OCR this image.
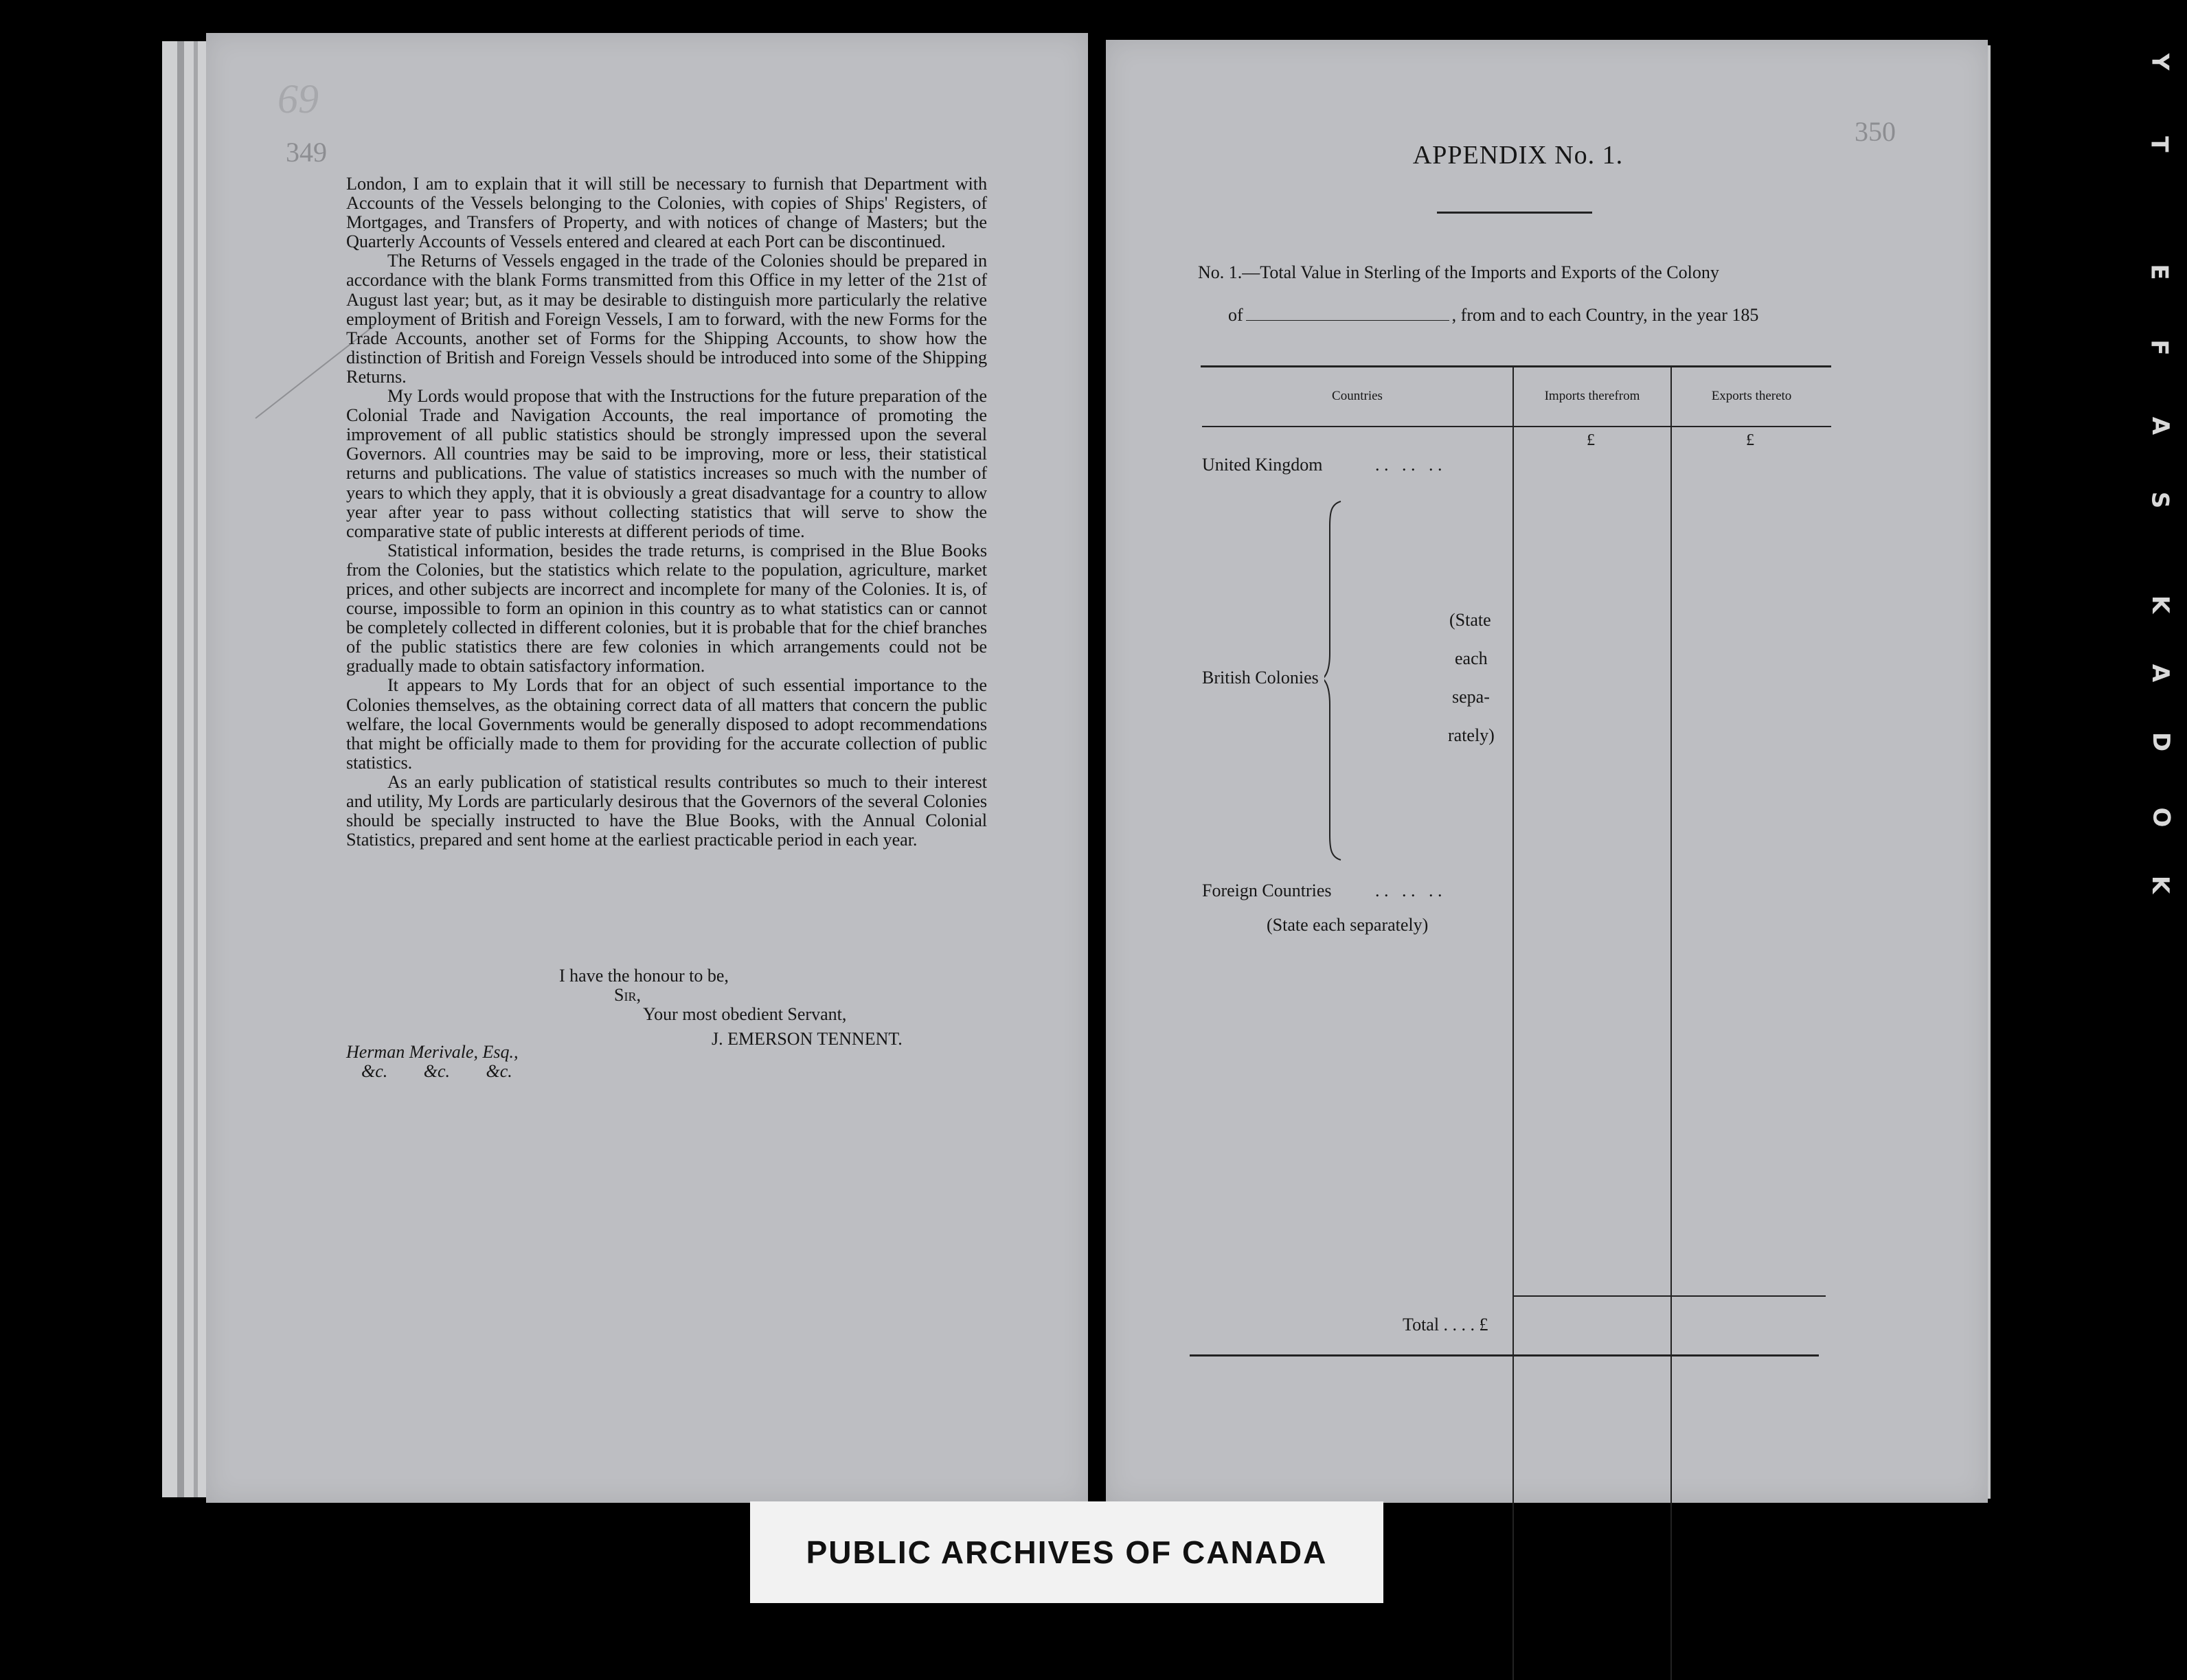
69
349

London, I am to explain that it will still be necessary to furnish that Department with Accounts of the Vessels belonging to the Colonies, with copies of Ships' Registers, of Mortgages, and Transfers of Property, and with notices of change of Masters; but the Quarterly Accounts of Vessels entered and cleared at each Port can be discontinued.

The Returns of Vessels engaged in the trade of the Colonies should be prepared in accordance with the blank Forms transmitted from this Office in my letter of the 21st of August last year; but, as it may be desirable to distinguish more particularly the relative employment of British and Foreign Vessels, I am to forward, with the new Forms for the Trade Accounts, another set of Forms for the Shipping Accounts, to show how the distinction of British and Foreign Vessels should be introduced into some of the Shipping Returns.

My Lords would propose that with the Instructions for the future preparation of the Colonial Trade and Navigation Accounts, the real importance of promoting the improvement of all public statistics should be strongly impressed upon the several Governors. All countries may be said to be improving, more or less, their statistical returns and publications. The value of statistics increases so much with the number of years to which they apply, that it is obviously a great disadvantage for a country to allow year after year to pass without collecting statistics that will serve to show the comparative state of public interests at different periods of time.

Statistical information, besides the trade returns, is comprised in the Blue Books from the Colonies, but the statistics which relate to the population, agriculture, market prices, and other subjects are incorrect and incomplete for many of the Colonies. It is, of course, impossible to form an opinion in this country as to what statistics can or cannot be completely collected in different colonies, but it is probable that for the chief branches of the public statistics there are few colonies in which arrangements could not be gradually made to obtain satisfactory information.

It appears to My Lords that for an object of such essential importance to the Colonies themselves, as the obtaining correct data of all matters that concern the public welfare, the local Governments would be generally disposed to adopt recommendations that might be officially made to them for providing for the accurate collection of public statistics.

As an early publication of statistical results contributes so much to their interest and utility, My Lords are particularly desirous that the Governors of the several Colonies should be specially instructed to have the Blue Books, with the Annual Colonial Statistics, prepared and sent home at the earliest practicable period in each year.

I have the honour to be,
Sir,
Your most obedient Servant,
J. EMERSON TENNENT.
Herman Merivale, Esq.,
&c. &c. &c.
350
APPENDIX No. 1.
No. 1.—Total Value in Sterling of the Imports and Exports of the Colony
of	, from and to each Country, in the year 185
Countries	Imports therefrom	Exports thereto
£	£
United Kingdom	. .   . .   . .
British Colonies
(State
each
sepa-
rately)
Foreign Countries . .   . .   . .
(State each separately)
Total . . . . £
K
O
D
A
K
S
A
F
E
T
Y
PUBLIC ARCHIVES OF CANADA
